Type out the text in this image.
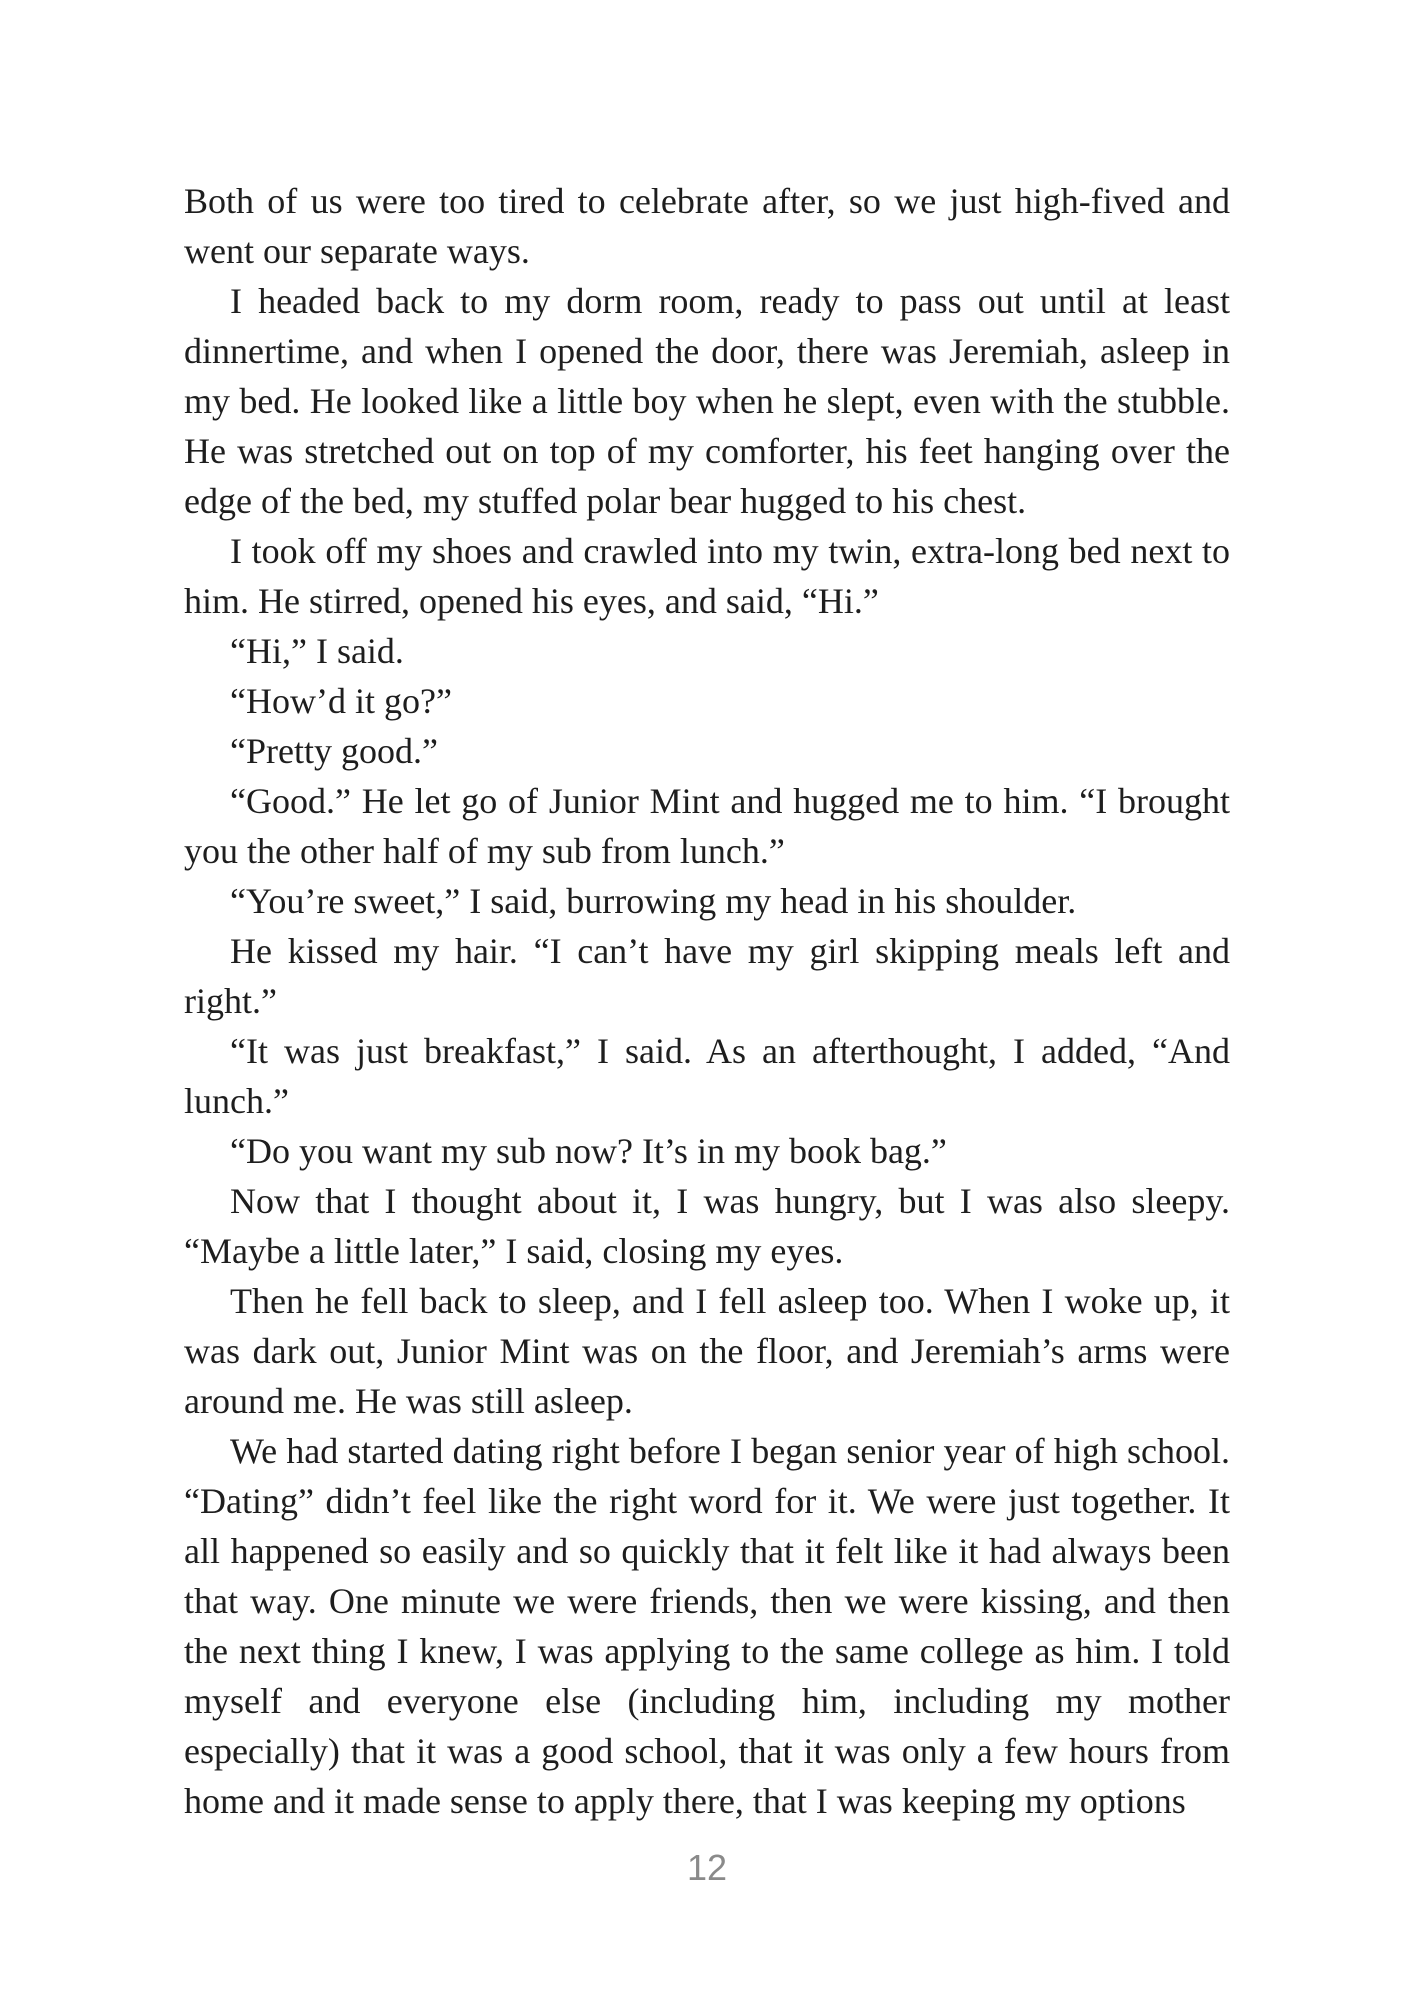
Both of us were too tired to celebrate after, so we just high-fived and went our separate ways.

I headed back to my dorm room, ready to pass out until at least dinnertime, and when I opened the door, there was Jeremiah, asleep in my bed. He looked like a little boy when he slept, even with the stubble. He was stretched out on top of my comforter, his feet hanging over the edge of the bed, my stuffed polar bear hugged to his chest.

I took off my shoes and crawled into my twin, extra-long bed next to him. He stirred, opened his eyes, and said, “Hi.”

“Hi,” I said.

“How’d it go?”

“Pretty good.”

“Good.” He let go of Junior Mint and hugged me to him. “I brought you the other half of my sub from lunch.”

“You’re sweet,” I said, burrowing my head in his shoulder.

He kissed my hair. “I can’t have my girl skipping meals left and right.”

“It was just breakfast,” I said. As an afterthought, I added, “And lunch.”

“Do you want my sub now? It’s in my book bag.”

Now that I thought about it, I was hungry, but I was also sleepy. “Maybe a little later,” I said, closing my eyes.

Then he fell back to sleep, and I fell asleep too. When I woke up, it was dark out, Junior Mint was on the floor, and Jeremiah’s arms were around me. He was still asleep.

We had started dating right before I began senior year of high school. “Dating” didn’t feel like the right word for it. We were just together. It all happened so easily and so quickly that it felt like it had always been that way. One minute we were friends, then we were kissing, and then the next thing I knew, I was applying to the same college as him. I told myself and everyone else (including him, including my mother especially) that it was a good school, that it was only a few hours from home and it made sense to apply there, that I was keeping my options

12
